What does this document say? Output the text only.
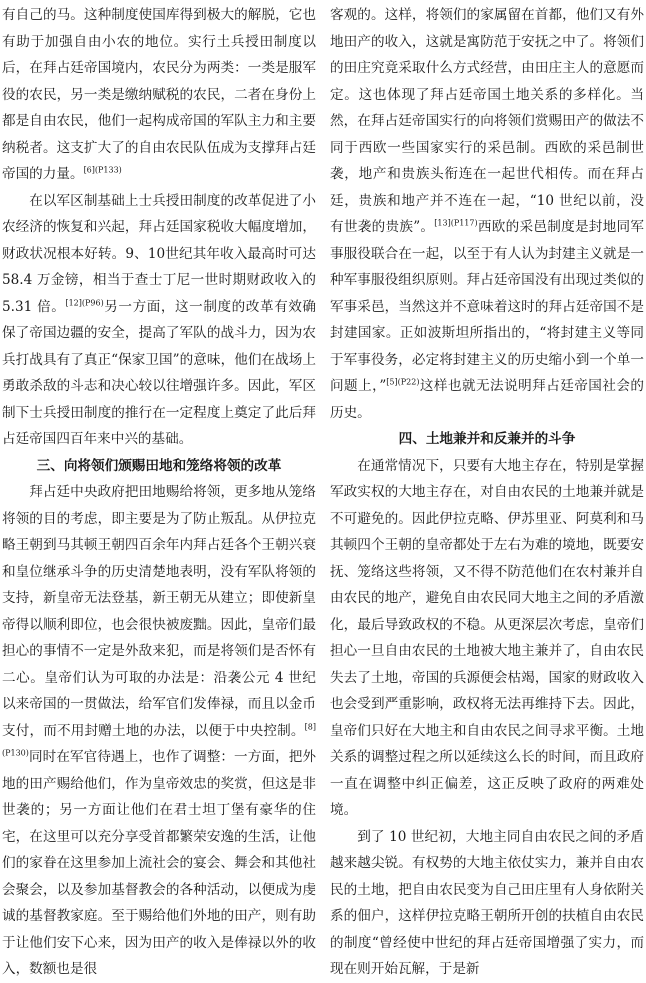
有自己的马。这种制度使国库得到极大的解脱，它也有助于加强自由小农的地位。实行土兵授田制度以后，在拜占廷帝国境内，农民分为两类：一类是服军役的农民，另一类是缴纳赋税的农民，二者在身份上都是自由农民，他们一起构成帝国的军队主力和主要纳税者。这支扩大了的自由农民队伍成为支撑拜占廷帝国的力量。$^{[6](P133)}$

在以军区制基础上士兵授田制度的改革促进了小农经济的恢复和兴起，拜占廷国家税收大幅度增加，财政状况根本好转。9、10世纪其年收入最高时可达 58.4 万金镑，相当于查士丁尼一世时期财政收入的 5.31 倍。$^{[12](P96)}$另一方面，这一制度的改革有效确保了帝国边疆的安全，提高了军队的战斗力，因为农兵打战具有了真正“保家卫国”的意味，他们在战场上勇敢杀敌的斗志和决心较以往增强许多。因此，军区制下士兵授田制度的推行在一定程度上奠定了此后拜占廷帝国四百年来中兴的基础。

三、向将领们颁赐田地和笼络将领的改革

拜占廷中央政府把田地赐给将领，更多地从笼络将领的目的考虑，即主要是为了防止叛乱。从伊拉克略王朝到马其顿王朝四百余年内拜占廷各个王朝兴衰和皇位继承斗争的历史清楚地表明，没有军队将领的支持，新皇帝无法登基，新王朝无从建立；即使新皇帝得以顺利即位，也会很快被废黜。因此，皇帝们最担心的事情不一定是外敌来犯，而是将领们是否怀有二心。皇帝们认为可取的办法是：沿袭公元 4 世纪以来帝国的一贯做法，给军官们发俸禄，而且以金币支付，而不用封赠土地的办法，以便于中央控制。$^{[8](P130)}$同时在军官待遇上，也作了调整：一方面，把外地的田产赐给他们，作为皇帝效忠的奖赏，但这是非世袭的；另一方面让他们在君士坦丁堡有豪华的住宅，在这里可以充分享受首都繁荣安逸的生活，让他们的家眷在这里参加上流社会的宴会、舞会和其他社会聚会，以及参加基督教会的各种活动，以便成为虔诚的基督教家庭。至于赐给他们外地的田产，则有助于让他们安下心来，因为田产的收入是俸禄以外的收入，数额也是很

客观的。这样，将领们的家属留在首都，他们又有外地田产的收入，这就是寓防范于安抚之中了。将领们的田庄究竟采取什么方式经营，由田庄主人的意愿而定。这也体现了拜占廷帝国土地关系的多样化。当然，在拜占廷帝国实行的向将领们赏赐田产的做法不同于西欧一些国家实行的采邑制。西欧的采邑制世袭，地产和贵族头衔连在一起世代相传。而在拜占廷，贵族和地产并不连在一起，“10 世纪以前，没有世袭的贵族”。$^{[13](P117)}$西欧的采邑制度是封地同军事服役联合在一起，以至于有人认为封建主义就是一种军事服役组织原则。拜占廷帝国没有出现过类似的军事采邑，当然这并不意味着这时的拜占廷帝国不是封建国家。正如波斯坦所指出的，“将封建主义等同于军事役务，必定将封建主义的历史缩小到一个单一问题上，”$^{[5](P22)}$这样也就无法说明拜占廷帝国社会的历史。

四、土地兼并和反兼并的斗争

在通常情况下，只要有大地主存在，特别是掌握军政实权的大地主存在，对自由农民的土地兼并就是不可避免的。因此伊拉克略、伊苏里亚、阿莫利和马其顿四个王朝的皇帝都处于左右为难的境地，既要安抚、笼络这些将领，又不得不防范他们在农村兼并自由农民的地产，避免自由农民同大地主之间的矛盾激化，最后导致政权的不稳。从更深层次考虑，皇帝们担心一旦自由农民的土地被大地主兼并了，自由农民失去了土地，帝国的兵源便会枯竭，国家的财政收入也会受到严重影响，政权将无法再维持下去。因此，皇帝们只好在大地主和自由农民之间寻求平衡。土地关系的调整过程之所以延续这么长的时间，而且政府一直在调整中纠正偏差，这正反映了政府的两难处境。

到了 10 世纪初，大地主同自由农民之间的矛盾越来越尖锐。有权势的大地主依仗实力，兼并自由农民的土地，把自由农民变为自己田庄里有人身依附关系的佃户，这样伊拉克略王朝所开创的扶植自由农民的制度“曾经使中世纪的拜占廷帝国增强了实力，而现在则开始瓦解，于是新
